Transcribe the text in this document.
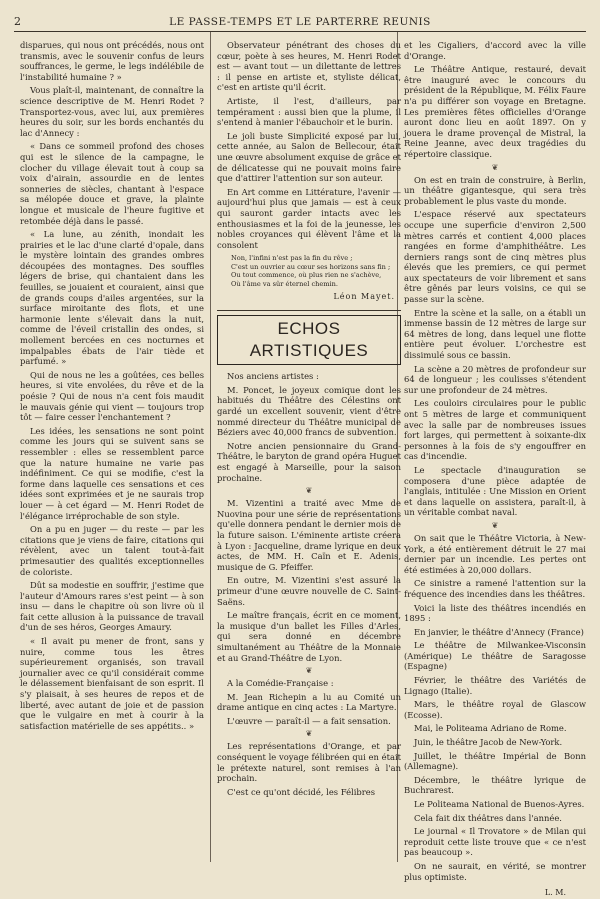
2	LE PASSE-TEMPS ET LE PARTERRE REUNIS

disparues, qui nous ont précédés, nous ont transmis, avec le souvenir confus de leurs souffrances, le germe, le legs indélébile de l'instabilité humaine ? »

Vous plaît-il, maintenant, de connaître la science descriptive de M. Henri Rodet ? Transportez-vous, avec lui, aux premières heures du soir, sur les bords enchantés du lac d'Annecy :

« Dans ce sommeil profond des choses qui est le silence de la campagne, le clocher du village élevait tout à coup sa voix d'airain, assourdie en de lentes sonneries de siècles, chantant à l'espace sa mélopée douce et grave, la plainte longue et musicale de l'heure fugitive et retombée déjà dans le passé.

« La lune, au zénith, inondait les prairies et le lac d'une clarté d'opale, dans le mystère lointain des grandes ombres découpées des montagnes. Des souffles légers de brise, qui chantaient dans les feuilles, se jouaient et couraient, ainsi que de grands coups d'ailes argentées, sur la surface miroitante des flots, et une harmonie lente s'élevait dans la nuit, comme de l'éveil cristallin des ondes, si mollement bercées en ces nocturnes et impalpables ébats de l'air tiède et parfumé. »

Qui de nous ne les a goûtées, ces belles heures, si vite envolées, du rêve et de la poésie ? Qui de nous n'a cent fois maudit le mauvais génie qui vient — toujours trop tôt — faire cesser l'enchantement ?

Les idées, les sensations ne sont point comme les jours qui se suivent sans se ressembler : elles se ressemblent parce que la nature humaine ne varie pas indéfiniment. Ce qui se modifie, c'est la forme dans laquelle ces sensations et ces idées sont exprimées et je ne saurais trop louer — à cet égard — M. Henri Rodet de l'élégance irréprochable de son style.

On a pu en juger — du reste — par les citations que je viens de faire, citations qui révèlent, avec un talent tout-à-fait primesautier des qualités exceptionnelles de coloriste.

Dût sa modestie en souffrir, j'estime que l'auteur d'Amours rares s'est peint — à son insu — dans le chapitre où son livre où il fait cette allusion à la puissance de travail d'un de ses héros, Georges Amaury.

« Il avait pu mener de front, sans y nuire, comme tous les êtres supérieurement organisés, son travail journalier avec ce qu'il considérait comme le délassement bienfaisant de son esprit. Il s'y plaisait, à ses heures de repos et de liberté, avec autant de joie et de passion que le vulgaire en met à courir à la satisfaction matérielle de ses appétits.. »

Observateur pénétrant des choses du cœur, poète à ses heures, M. Henri Rodet est — avant tout — un dilettante de lettres : il pense en artiste et, styliste délicat, c'est en artiste qu'il écrit.

Artiste, il l'est, d'ailleurs, par tempérament : aussi bien que la plume, il s'entend à manier l'ébauchoir et le burin.

Le joli buste Simplicité exposé par lui, cette année, au Salon de Bellecour, était une œuvre absolument exquise de grâce et de délicatesse qui ne pouvait moins faire que d'attirer l'attention sur son auteur.

En Art comme en Littérature, l'avenir — aujourd'hui plus que jamais — est à ceux qui sauront garder intacts avec les enthousiasmes et la foi de la jeunesse, les nobles croyances qui élèvent l'âme et la consolent

Non, l'infini n'est pas la fin du rêve ;
C'est un ouvrier au cœur ses horizons sans fin ;
Ou tout commence, où plus rien ne s'achève,
Où l'âme va sûr éternel chemin.
Léon Mayet.
ECHOS ARTISTIQUES

Nos anciens artistes :

M. Poncet, le joyeux comique dont les habitués du Théâtre des Célestins ont gardé un excellent souvenir, vient d'être nommé directeur du Théâtre municipal de Béziers avec 40,000 francs de subvention.

Notre ancien pensionnaire du Grand-Théâtre, le baryton de grand opéra Huguet est engagé à Marseille, pour la saison prochaine.

❦

M. Vizentini a traité avec Mme de Nuovina pour une série de représentations qu'elle donnera pendant le dernier mois de la future saison. L'éminente artiste créera à Lyon : Jacqueline, drame lyrique en deux actes, de MM. H. Caïn et E. Adenis, musique de G. Pfeiffer.

En outre, M. Vizentini s'est assuré la primeur d'une œuvre nouvelle de C. Saint-Saëns.

Le maître français, écrit en ce moment, la musique d'un ballet les Filles d'Arles, qui sera donné en décembre simultanément au Théâtre de la Monnaie et au Grand-Théâtre de Lyon.

❦

A la Comédie-Française :

M. Jean Richepin a lu au Comité un drame antique en cinq actes : La Martyre.

L'œuvre — paraît-il — a fait sensation.

❦

Les représentations d'Orange, et par conséquent le voyage félibréen qui en était le prétexte naturel, sont remises à l'an prochain.

C'est ce qu'ont décidé, les Félibres

et les Cigaliers, d'accord avec la ville d'Orange.

Le Théâtre Antique, restauré, devait être inauguré avec le concours du président de la République, M. Félix Faure n'a pu différer son voyage en Bretagne. Les premières fêtes officielles d'Orange auront donc lieu en août 1897. On y jouera le drame provençal de Mistral, la Reine Jeanne, avec deux tragédies du répertoire classique.

❦

On est en train de construire, à Berlin, un théâtre gigantesque, qui sera très probablement le plus vaste du monde.

L'espace réservé aux spectateurs occupe une superficie d'environ 2,500 mètres carrés et contient 4,000 places rangées en forme d'amphithéâtre. Les derniers rangs sont de cinq mètres plus élevés que les premiers, ce qui permet aux spectateurs de voir librement et sans être gênés par leurs voisins, ce qui se passe sur la scène.

Entre la scène et la salle, on a établi un immense bassin de 12 mètres de large sur 64 mètres de long, dans lequel une flotte entière peut évoluer. L'orchestre est dissimulé sous ce bassin.

La scène a 20 mètres de profondeur sur 64 de longueur ; les coulisses s'étendent sur une profondeur de 24 mètres.

Les couloirs circulaires pour le public ont 5 mètres de large et communiquent avec la salle par de nombreuses issues fort larges, qui permettent à soixante-dix personnes à la fois de s'y engouffrer en cas d'incendie.

Le spectacle d'inauguration se composera d'une pièce adaptée de l'anglais, intitulée : Une Mission en Orient et dans laquelle on assistera, paraît-il, à un véritable combat naval.

❦

On sait que le Théâtre Victoria, à New-York, a été entièrement détruit le 27 mai dernier par un incendie. Les pertes ont été estimées à 20,000 dollars.

Ce sinistre a ramené l'attention sur la fréquence des incendies dans les théâtres.

Voici la liste des théâtres incendiés en 1895 :

En janvier, le théâtre d'Annecy (France)

Le théâtre de Milwankee-Visconsin (Amérique) Le théâtre de Saragosse (Espagne)

Février, le théâtre des Variétés de Lignago (Italie).

Mars, le théâtre royal de Glascow (Ecosse).

Mai, le Politeama Adriano de Rome.

Juin, le théâtre Jacob de New-York.

Juillet, le théâtre Impérial de Bonn (Allemagne).

Décembre, le théâtre lyrique de Buchrarest.

Le Politeama National de Buenos-Ayres.

Cela fait dix théâtres dans l'année.

Le journal « Il Trovatore » de Milan qui reproduit cette liste trouve que « ce n'est pas beaucoup ».

On ne saurait, en vérité, se montrer plus optimiste.

L. M.
